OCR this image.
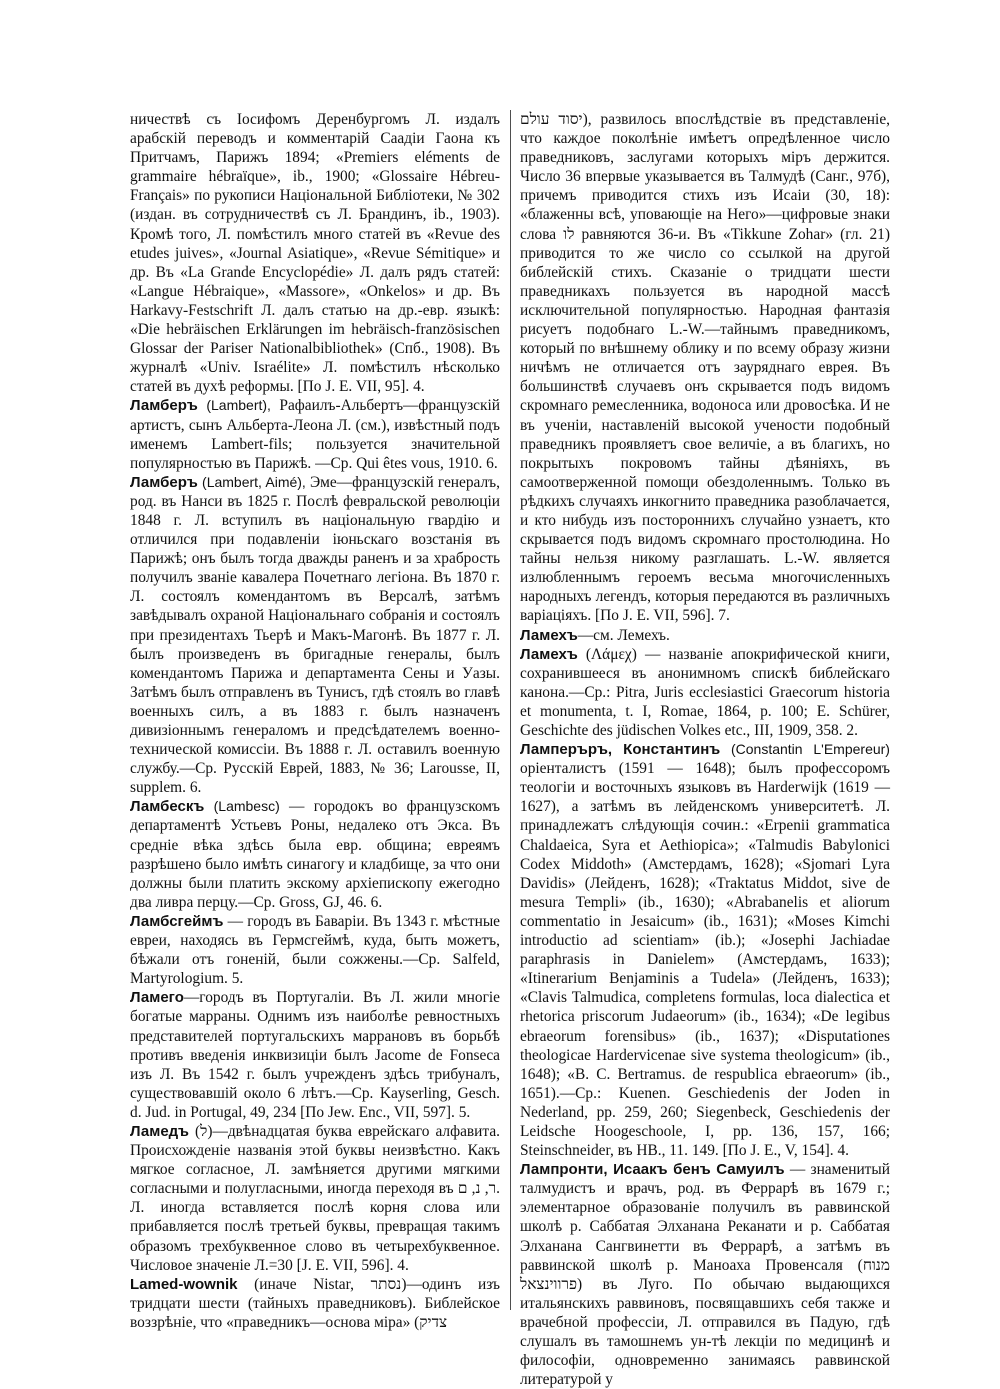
ничествѣ съ Іосифомъ Деренбургомъ Л. издалъ арабскій переводъ и комментарій Саадіи Гаона къ Притчамъ, Парижъ 1894; «Premiers eléments de grammaire hébraïque», ib., 1900; «Glossaire Hébreu-Français» по рукописи Національной Библіотеки, № 302 (издан. въ сотрудничествѣ съ Л. Брандинъ, ib., 1903). Кромѣ того, Л. помѣстилъ много статей въ «Revue des etudes juives», «Journal Asiatique», «Revue Sémitique» и др. Въ «La Grande Encyclopédie» Л. далъ рядъ статей: «Langue Hébraique», «Massore», «Onkelos» и др. Въ Harkavy-Festschrift Л. далъ статью на др.-евр. языкѣ: «Die hebräischen Erklärungen im hebräisch-französischen Glossar der Pariser Nationalbibliothek» (Спб., 1908). Въ журналѣ «Univ. Israélite» Л. помѣстилъ нѣсколько статей въ духѣ реформы. [По J. E. VII, 95]. 4.

Ламберъ (Lambert), Рафаилъ-Альбертъ—французскій артистъ, сынъ Альберта-Леона Л. (см.), извѣстный подъ именемъ Lambert-fils; пользуется значительной популярностью въ Парижѣ. —Ср. Qui êtes vous, 1910. 6.

Ламберъ (Lambert, Aimé), Эме—французскій генералъ, род. въ Нанси въ 1825 г. Послѣ февральской революціи 1848 г. Л. вступилъ въ національную гвардію и отличился при подавленіи іюньскаго возстанія въ Парижѣ; онъ былъ тогда дважды раненъ и за храбрость получилъ званіе кавалера Почетнаго легіона. Въ 1870 г. Л. состоялъ комендантомъ въ Версалѣ, затѣмъ завѣдывалъ охраной Національнаго собранія и состоялъ при президентахъ Тьерѣ и Макъ-Магонѣ. Въ 1877 г. Л. былъ произведенъ въ бригадные генералы, былъ комендантомъ Парижа и департамента Сены и Уазы. Затѣмъ былъ отправленъ въ Тунисъ, гдѣ стоялъ во главѣ военныхъ силъ, а въ 1883 г. былъ назначенъ дивизіоннымъ генераломъ и предсѣдателемъ военно-технической комиссіи. Въ 1888 г. Л. оставилъ военную службу.—Ср. Русскій Еврей, 1883, № 36; Larousse, II, supplem. 6.

Ламбескъ (Lambesc) — городокъ во французскомъ департаментѣ Устьевъ Роны, недалеко отъ Экса. Въ средніе вѣка здѣсь была евр. община; евреямъ разрѣшено было имѣть синагогу и кладбище, за что они должны были платить экскому архіепископу ежегодно два ливра перцу.—Ср. Gross, GJ, 46. 6.

Ламбсгеймъ — городъ въ Баваріи. Въ 1343 г. мѣстные евреи, находясь въ Гермсгеймѣ, куда, быть можетъ, бѣжали отъ гоненій, были сожжены.—Ср. Salfeld, Martyrologium. 5.

Ламего—городъ въ Португаліи. Въ Л. жили многіе богатые марраны. Однимъ изъ наиболѣе ревностныхъ представителей португальскихъ маррановъ въ борьбѣ противъ введенія инквизиціи былъ Jacome de Fonseca изъ Л. Въ 1542 г. былъ учрежденъ здѣсь трибуналъ, существовавшій около 6 лѣтъ.—Ср. Kayserling, Gesch. d. Jud. in Portugal, 49, 234 [По Jew. Enc., VII, 597]. 5.

Ламедъ (ל)—двѣнадцатая буква еврейскаго алфавита. Происхожденіе названія этой буквы неизвѣстно. Какъ мягкое согласное, Л. замѣняется другими мягкими согласными и полугласными, иногда переходя въ ר, נ, ם. Л. иногда вставляется послѣ корня слова или прибавляется послѣ третьей буквы, превращая такимъ образомъ трехбуквенное слово въ четырехбуквенное. Числовое значеніе Л.=30 [J. E. VII, 596]. 4.

Lamed-wownik (иначе Nistar, נסתר)—одинъ изъ тридцати шести (тайныхъ праведниковъ). Библейское воззрѣніе, что «праведникъ—основа міра» (צדיק

יסוד עולם), развилось впослѣдствіе въ представленіе, что каждое поколѣніе имѣетъ опредѣленное число праведниковъ, заслугами которыхъ міръ держится. Число 36 впервые указывается въ Талмудѣ (Санг., 97б), причемъ приводится стихъ изъ Исаіи (30, 18): «блаженны всѣ, уповающіе на Него»—цифровые знаки слова לו равняются 36-и. Въ «Tikkune Zohar» (гл. 21) приводится то же число со ссылкой на другой библейскій стихъ. Сказаніе о тридцати шести праведникахъ пользуется въ народной массѣ исключительной популярностью. Народная фантазія рисуетъ подобнаго L.-W.—тайнымъ праведникомъ, который по внѣшнему облику и по всему образу жизни ничѣмъ не отличается отъ зауряднаго еврея. Въ большинствѣ случаевъ онъ скрывается подъ видомъ скромнаго ремесленника, водоноса или дровосѣка. И не въ ученіи, наставленій высокой учености подобный праведникъ проявляетъ свое величіе, а въ благихъ, но покрытыхъ покровомъ тайны дѣяніяхъ, въ самоотверженной помощи обездоленнымъ. Только въ рѣдкихъ случаяхъ инкогнито праведника разоблачается, и кто нибудь изъ постороннихъ случайно узнаетъ, кто скрывается подъ видомъ скромнаго простолюдина. Но тайны нельзя никому разглашать. L.-W. является излюбленнымъ героемъ весьма многочисленныхъ народныхъ легендъ, которыя передаются въ различныхъ варіаціяхъ. [По J. E. VII, 596]. 7.

Ламехъ—см. Лемехъ.

Ламехъ (Λάμεχ) — названіе апокрифической книги, сохранившееся въ анонимномъ спискѣ библейскаго канона.—Ср.: Pitra, Juris ecclesiastici Graecorum historia et monumenta, t. I, Romae, 1864, p. 100; E. Schürer, Geschichte des jüdischen Volkes etc., III, 1909, 358. 2.

Ламперъръ, Константинъ (Constantin L'Empereur) оріенталистъ (1591 — 1648); былъ профессоромъ теологіи и восточныхъ языковъ въ Harderwijk (1619 — 1627), а затѣмъ въ лейденскомъ университетѣ. Л. принадлежатъ слѣдующія сочин.: «Erpenii grammatica Chaldaeica, Syra et Aethiopica»; «Talmudis Babylonici Codex Middoth» (Амстердамъ, 1628); «Sjomari Lyra Davidis» (Лейденъ, 1628); «Traktatus Middot, sive de mesura Templi» (ib., 1630); «Abrabanelis et aliorum commentatio in Jesaicum» (ib., 1631); «Moses Kimchi introductio ad scientiam» (ib.); «Josephi Jachiadae paraphrasis in Danielem» (Амстердамъ, 1633); «Itinerarium Benjaminis a Tudela» (Лейденъ, 1633); «Clavis Talmudica, completens formulas, loca dialectica et rhetorica priscorum Judaeorum» (ib., 1634); «De legibus ebraeorum forensibus» (ib., 1637); «Disputationes theologicae Hardervicenae sive systema theologicum» (ib., 1648); «B. C. Bertramus. de respublica ebraeorum» (ib., 1651).—Ср.: Kuenen. Geschiedenis der Joden in Nederland, pp. 259, 260; Siegenbeck, Geschiedenis der Leidsche Hoogeschoole, I, pp. 136, 157, 166; Steinschneider, въ HB., 11. 149. [По J. E., V, 154]. 4.

Лампронти, Исаакъ бенъ Самуилъ — знаменитый талмудистъ и врачъ, род. въ Феррарѣ въ 1679 г.; элементарное образованіе получилъ въ раввинской школѣ р. Саббатая Элханана Реканати и р. Саббатая Элханана Сангвинетти въ Феррарѣ, а затѣмъ въ раввинской школѣ р. Маноаха Провенсаля (מנוח פרווינצאל) въ Луго. По обычаю выдающихся итальянскихъ раввиновъ, посвящавшихъ себя также и врачебной профессіи, Л. отправился въ Падую, гдѣ слушалъ въ тамошнемъ ун-тѣ лекціи по медицинѣ и философіи, одновременно занимаясь раввинской литературой у
